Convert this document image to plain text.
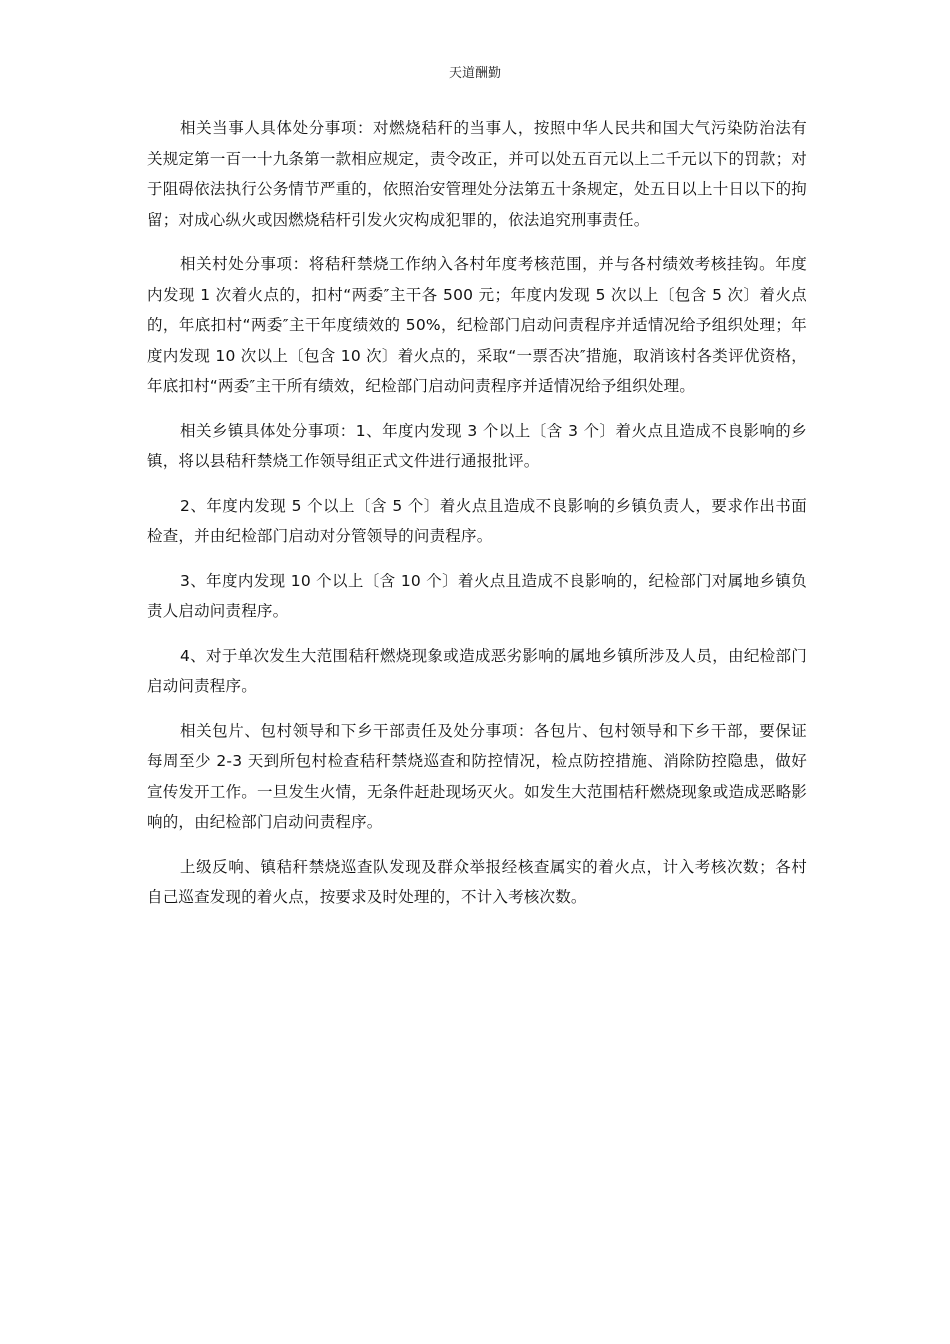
天道酬勤

相关当事人具体处分事项：对燃烧秸秆的当事人，按照中华人民共和国大气污染防治法有关规定第一百一十九条第一款相应规定，责令改正，并可以处五百元以上二千元以下的罚款；对于阻碍依法执行公务情节严重的，依照治安管理处分法第五十条规定，处五日以上十日以下的拘留；对成心纵火或因燃烧秸杆引发火灾构成犯罪的，依法追究刑事责任。

相关村处分事项：将秸秆禁烧工作纳入各村年度考核范围，并与各村绩效考核挂钩。年度内发现 1 次着火点的，扣村“两委″主干各 500 元；年度内发现 5 次以上〔包含 5 次〕着火点的，年底扣村“两委″主干年度绩效的 50%，纪检部门启动问责程序并适情况给予组织处理；年度内发现 10 次以上〔包含 10 次〕着火点的，采取“一票否决″措施，取消该村各类评优资格，年底扣村“两委″主干所有绩效，纪检部门启动问责程序并适情况给予组织处理。

相关乡镇具体处分事项：1、年度内发现 3 个以上〔含 3 个〕着火点且造成不良影响的乡镇，将以县秸秆禁烧工作领导组正式文件进行通报批评。

2、年度内发现 5 个以上〔含 5 个〕着火点且造成不良影响的乡镇负责人，要求作出书面检查，并由纪检部门启动对分管领导的问责程序。

3、年度内发现 10 个以上〔含 10 个〕着火点且造成不良影响的，纪检部门对属地乡镇负责人启动问责程序。

4、对于单次发生大范围秸秆燃烧现象或造成恶劣影响的属地乡镇所涉及人员，由纪检部门启动问责程序。

相关包片、包村领导和下乡干部责任及处分事项：各包片、包村领导和下乡干部，要保证每周至少 2-3 天到所包村检查秸秆禁烧巡查和防控情况，检点防控措施、消除防控隐患，做好宣传发开工作。一旦发生火情，无条件赶赴现场灭火。如发生大范围桔秆燃烧现象或造成恶略影响的，由纪检部门启动问责程序。

上级反响、镇秸秆禁烧巡查队发现及群众举报经核查属实的着火点，计入考核次数；各村自己巡查发现的着火点，按要求及时处理的，不计入考核次数。
